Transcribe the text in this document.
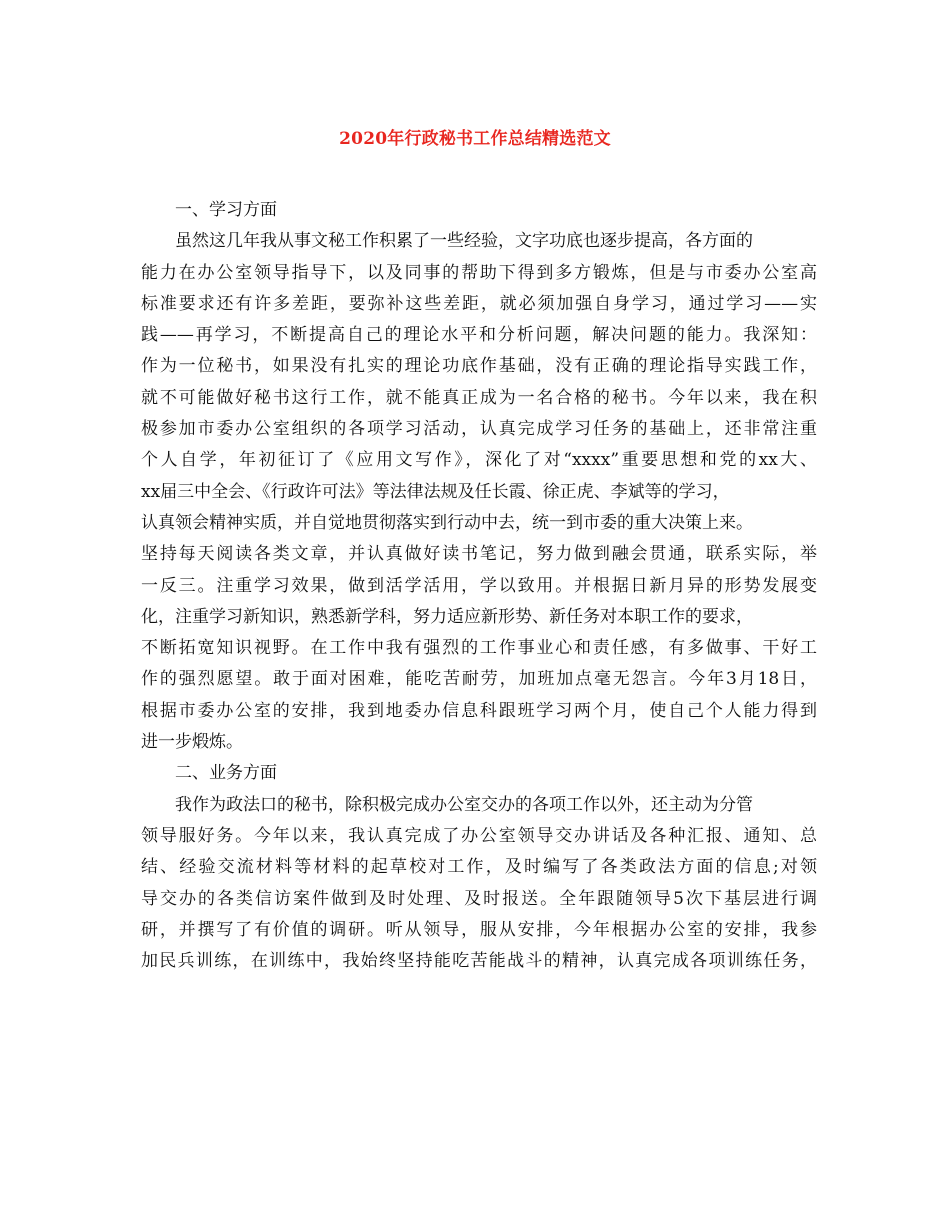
2020年行政秘书工作总结精选范文
一、学习方面
虽然这几年我从事文秘工作积累了一些经验，文字功底也逐步提高，各方面的
能力在办公室领导指导下，以及同事的帮助下得到多方锻炼，但是与市委办公室高
标准要求还有许多差距，要弥补这些差距，就必须加强自身学习，通过学习——实
践——再学习，不断提高自己的理论水平和分析问题，解决问题的能力。我深知：
作为一位秘书，如果没有扎实的理论功底作基础，没有正确的理论指导实践工作，
就不可能做好秘书这行工作，就不能真正成为一名合格的秘书。今年以来，我在积
极参加市委办公室组织的各项学习活动，认真完成学习任务的基础上，还非常注重
个人自学，年初征订了《应用文写作》，深化了对“xxxx”重要思想和党的xx大、
xx届三中全会、《行政许可法》等法律法规及任长霞、徐正虎、李斌等的学习，
认真领会精神实质，并自觉地贯彻落实到行动中去，统一到市委的重大决策上来。
坚持每天阅读各类文章，并认真做好读书笔记，努力做到融会贯通，联系实际，举
一反三。注重学习效果，做到活学活用，学以致用。并根据日新月异的形势发展变
化，注重学习新知识，熟悉新学科，努力适应新形势、新任务对本职工作的要求，
不断拓宽知识视野。在工作中我有强烈的工作事业心和责任感，有多做事、干好工
作的强烈愿望。敢于面对困难，能吃苦耐劳，加班加点毫无怨言。今年3月18日，
根据市委办公室的安排，我到地委办信息科跟班学习两个月，使自己个人能力得到
进一步煅炼。
二、业务方面
我作为政法口的秘书，除积极完成办公室交办的各项工作以外，还主动为分管
领导服好务。今年以来，我认真完成了办公室领导交办讲话及各种汇报、通知、总
结、经验交流材料等材料的起草校对工作，及时编写了各类政法方面的信息;对领
导交办的各类信访案件做到及时处理、及时报送。全年跟随领导5次下基层进行调
研，并撰写了有价值的调研。听从领导，服从安排，今年根据办公室的安排，我参
加民兵训练，在训练中，我始终坚持能吃苦能战斗的精神，认真完成各项训练任务，
